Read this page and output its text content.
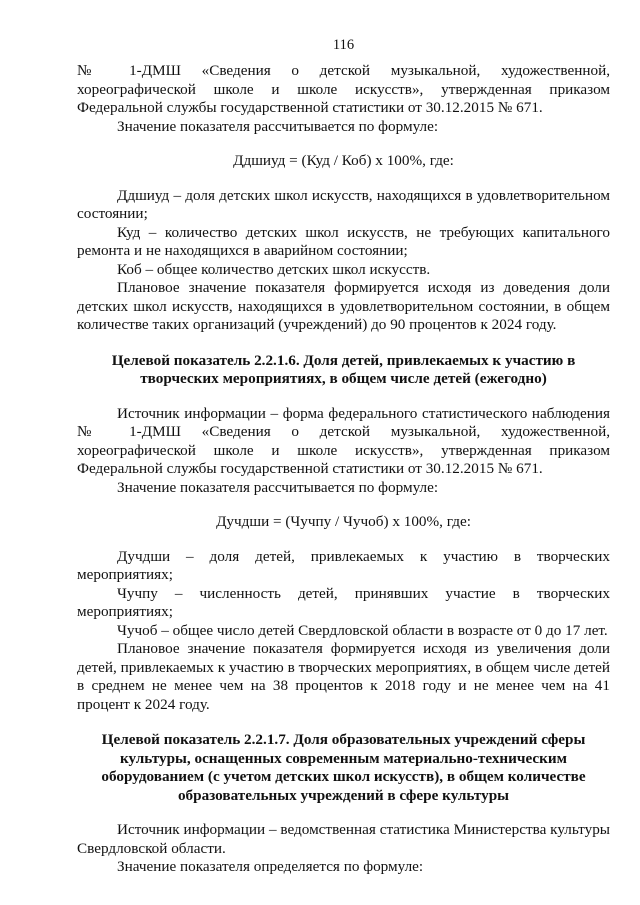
116

№ 1-ДМШ «Сведения о детской музыкальной, художественной, хореографической школе и школе искусств», утвержденная приказом Федеральной службы государственной статистики от 30.12.2015 № 671.

Значение показателя рассчитывается по формуле:

Ддшиуд = (Куд / Коб) х 100%, где:

Ддшиуд – доля детских школ искусств, находящихся в удовлетворительном состоянии;

Куд – количество детских школ искусств, не требующих капитального ремонта и не находящихся в аварийном состоянии;

Коб – общее количество детских школ искусств.

Плановое значение показателя формируется исходя из доведения доли детских школ искусств, находящихся в удовлетворительном состоянии, в общем количестве таких организаций (учреждений) до 90 процентов к 2024 году.

Целевой показатель 2.2.1.6. Доля детей, привлекаемых к участию в творческих мероприятиях, в общем числе детей (ежегодно)

Источник информации – форма федерального статистического наблюдения № 1-ДМШ «Сведения о детской музыкальной, художественной, хореографической школе и школе искусств», утвержденная приказом Федеральной службы государственной статистики от 30.12.2015 № 671.

Значение показателя рассчитывается по формуле:

Дучдши = (Чучпу / Чучоб) х 100%, где:

Дучдши – доля детей, привлекаемых к участию в творческих мероприятиях;

Чучпу – численность детей, принявших участие в творческих мероприятиях;

Чучоб – общее число детей Свердловской области в возрасте от 0 до 17 лет.

Плановое значение показателя формируется исходя из увеличения доли детей, привлекаемых к участию в творческих мероприятиях, в общем числе детей в среднем не менее чем на 38 процентов к 2018 году и не менее чем на 41 процент к 2024 году.

Целевой показатель 2.2.1.7. Доля образовательных учреждений сферы культуры, оснащенных современным материально-техническим оборудованием (с учетом детских школ искусств), в общем количестве образовательных учреждений в сфере культуры

Источник информации – ведомственная статистика Министерства культуры Свердловской области.

Значение показателя определяется по формуле:
